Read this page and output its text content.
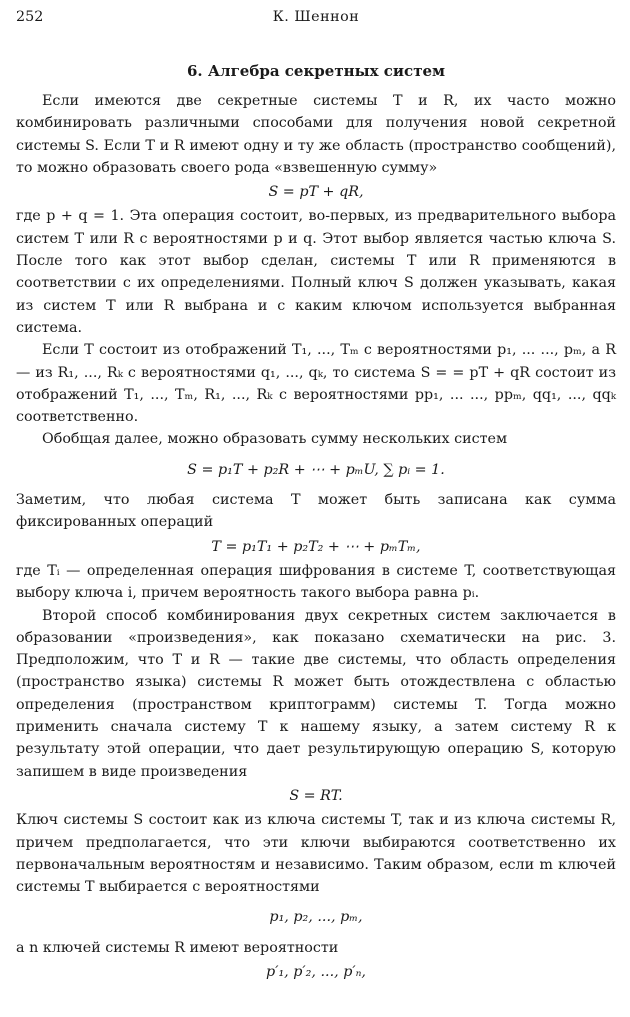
252	К. Шеннон
6. Алгебра секретных систем

Если имеются две секретные системы T и R, их часто можно комбинировать различными способами для получения новой секретной системы S. Если T и R имеют одну и ту же область (пространство сообщений), то можно образовать своего рода «взвешенную сумму»

S = pT + qR,

где p + q = 1. Эта операция состоит, во-первых, из предварительного выбора систем T или R с вероятностями p и q. Этот выбор является частью ключа S. После того как этот выбор сделан, системы T или R применяются в соответствии с их определениями. Полный ключ S должен указывать, какая из систем T или R выбрана и с каким ключом используется выбранная система.

Если T состоит из отображений T₁, ..., Tₘ с вероятностями p₁, ... ..., pₘ, а R — из R₁, ..., Rₖ с вероятностями q₁, ..., qₖ, то система S = = pT + qR состоит из отображений T₁, ..., Tₘ, R₁, ..., Rₖ с вероятностями pp₁, ... ..., ppₘ, qq₁, ..., qqₖ соответственно.

Обобщая далее, можно образовать сумму нескольких систем

S = p₁T + p₂R + ⋯ + pₘU, ∑ pᵢ = 1.

Заметим, что любая система T может быть записана как сумма фиксированных операций

T = p₁T₁ + p₂T₂ + ⋯ + pₘTₘ,

где Tᵢ — определенная операция шифрования в системе T, соответствующая выбору ключа i, причем вероятность такого выбора равна pᵢ.

Второй способ комбинирования двух секретных систем заключается в образовании «произведения», как показано схематически на рис. 3. Предположим, что T и R — такие две системы, что область определения (пространство языка) системы R может быть отождествлена с областью определения (пространством криптограмм) системы T. Тогда можно применить сначала систему T к нашему языку, а затем систему R к результату этой операции, что дает результирующую операцию S, которую запишем в виде произведения

S = RT.

Ключ системы S состоит как из ключа системы T, так и из ключа системы R, причем предполагается, что эти ключи выбираются соответственно их первоначальным вероятностям и независимо. Таким образом, если m ключей системы T выбирается с вероятностями

p₁, p₂, ..., pₘ,

а n ключей системы R имеют вероятности

p′₁, p′₂, ..., p′ₙ,
